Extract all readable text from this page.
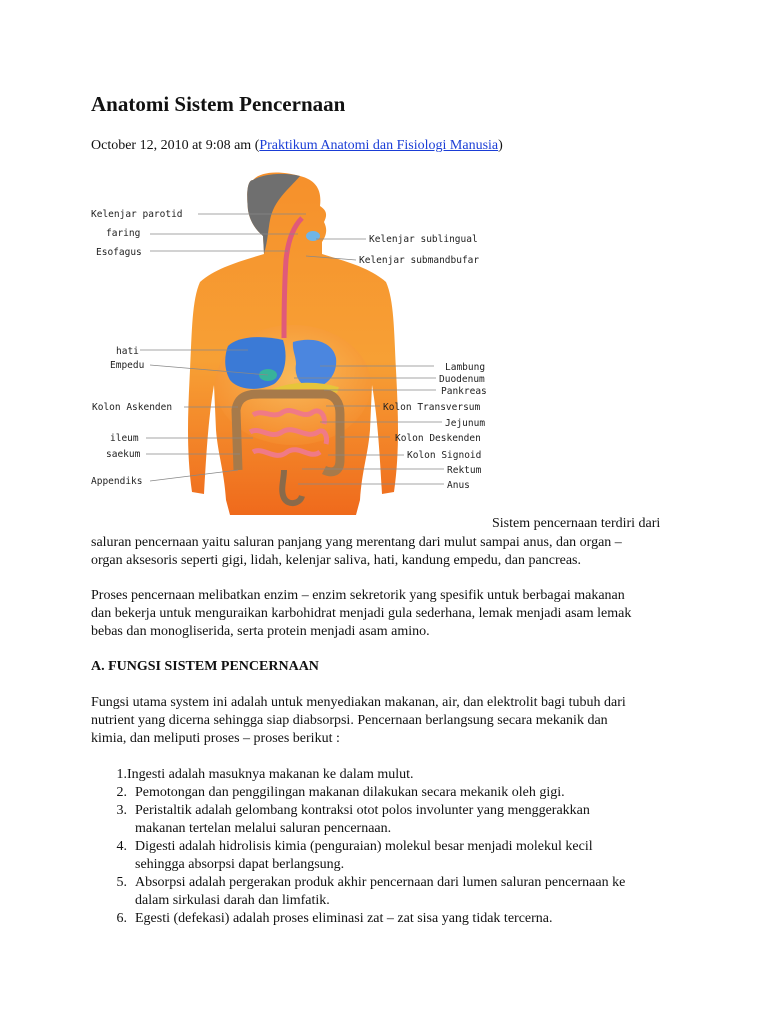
Anatomi Sistem Pencernaan
October 12, 2010 at 9:08 am (Praktikum Anatomi dan Fisiologi Manusia)
Kelenjar parotid
faring
Esofagus
hati
Empedu
Kolon Askenden
ileum
saekum
Appendiks
Kelenjar sublingual
Kelenjar submandbufar
Lambung
Duodenum
Pankreas
Kolon Transversum
Jejunum
Kolon Deskenden
Kolon Signoid
Rektum
Anus
Sistem pencernaan terdiri dari

saluran pencernaan yaitu saluran panjang yang merentang dari mulut sampai anus, dan organ –

organ aksesoris seperti gigi, lidah, kelenjar saliva, hati, kandung empedu, dan pancreas.

Proses pencernaan melibatkan enzim – enzim sekretorik yang spesifik untuk berbagai makanan

dan bekerja untuk menguraikan karbohidrat menjadi gula sederhana, lemak menjadi asam lemak

bebas dan monogliserida, serta protein menjadi asam amino.

A. FUNGSI SISTEM PENCERNAAN

Fungsi utama system ini adalah untuk menyediakan makanan, air, dan elektrolit bagi tubuh dari

nutrient yang dicerna sehingga siap diabsorpsi. Pencernaan berlangsung secara mekanik dan

kimia, dan meliputi proses – proses berikut :

1. Ingesti adalah masuknya makanan ke dalam mulut.
2. Pemotongan dan penggilingan makanan dilakukan secara mekanik oleh gigi.
3. Peristaltik adalah gelombang kontraksi otot polos involunter yang menggerakkan
makanan tertelan melalui saluran pencernaan.
4. Digesti adalah hidrolisis kimia (penguraian) molekul besar menjadi molekul kecil
sehingga absorpsi dapat berlangsung.
5. Absorpsi adalah pergerakan produk akhir pencernaan dari lumen saluran pencernaan ke
dalam sirkulasi darah dan limfatik.
6. Egesti (defekasi) adalah proses eliminasi zat – zat sisa yang tidak tercerna.
